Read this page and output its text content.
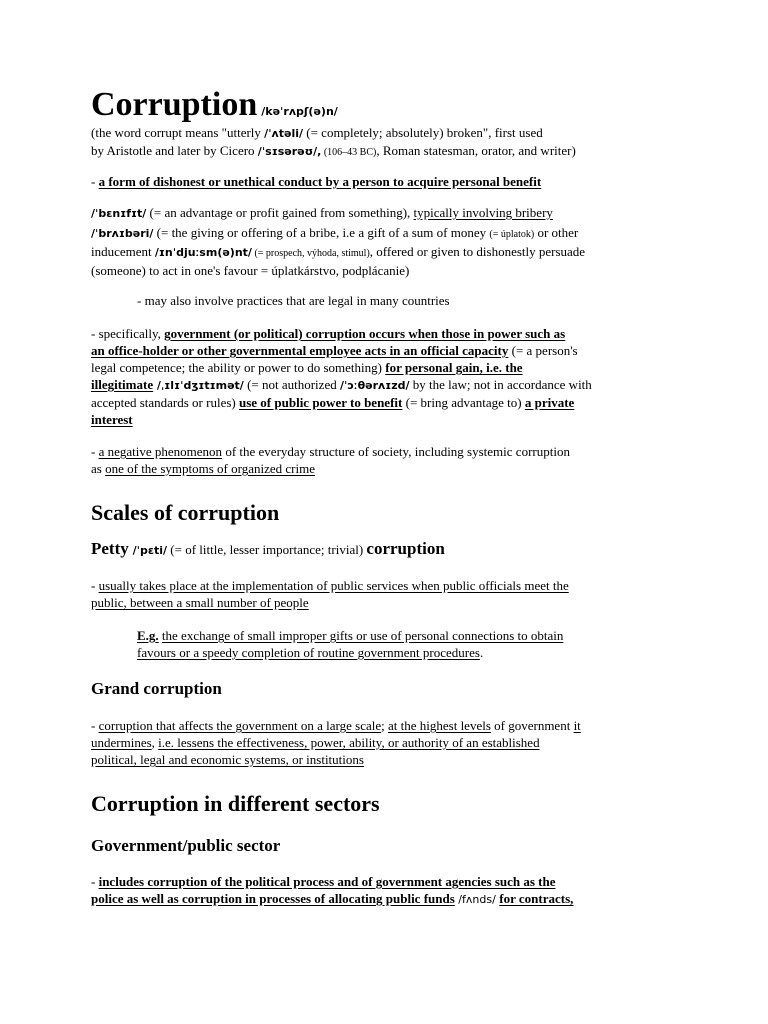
Corruption /kəˈrʌpʃ(ə)n/

(the word corrupt means "utterly /ˈʌtəli/ (= completely; absolutely) broken", first used
by Aristotle and later by Cicero /ˈsɪsərəʊ/, (106–43 BC), Roman statesman, orator, and writer)

- a form of dishonest or unethical conduct by a person to acquire personal benefit

/ˈbɛnɪfɪt/ (= an advantage or profit gained from something), typically involving bribery

/ˈbrʌɪbəri/ (= the giving or offering of a bribe, i.e a gift of a sum of money (= úplatok) or other
inducement /ɪnˈdjuːsm(ə)nt/ (= prospech, výhoda, stimul), offered or given to dishonestly persuade
(someone) to act in one's favour = úplatkárstvo, podplácanie)

- may also involve practices that are legal in many countries

- specifically, government (or political) corruption occurs when those in power such as
an office-holder or other governmental employee acts in an official capacity (= a person's
legal competence; the ability or power to do something) for personal gain, i.e. the
illegitimate /ˌɪlɪˈdʒɪtɪmət/ (= not authorized /ˈɔːθərʌɪzd/ by the law; not in accordance with
accepted standards or rules) use of public power to benefit (= bring advantage to) a private
interest

- a negative phenomenon of the everyday structure of society, including systemic corruption
as one of the symptoms of organized crime

Scales of corruption
Petty /ˈpɛti/ (= of little, lesser importance; trivial) corruption

- usually takes place at the implementation of public services when public officials meet the
public, between a small number of people

E.g. the exchange of small improper gifts or use of personal connections to obtain
favours or a speedy completion of routine government procedures.

Grand corruption

- corruption that affects the government on a large scale; at the highest levels of government it
undermines, i.e. lessens the effectiveness, power, ability, or authority of an established
political, legal and economic systems, or institutions

Corruption in different sectors
Government/public sector

- includes corruption of the political process and of government agencies such as the
police as well as corruption in processes of allocating public funds /fʌnds/ for contracts,
